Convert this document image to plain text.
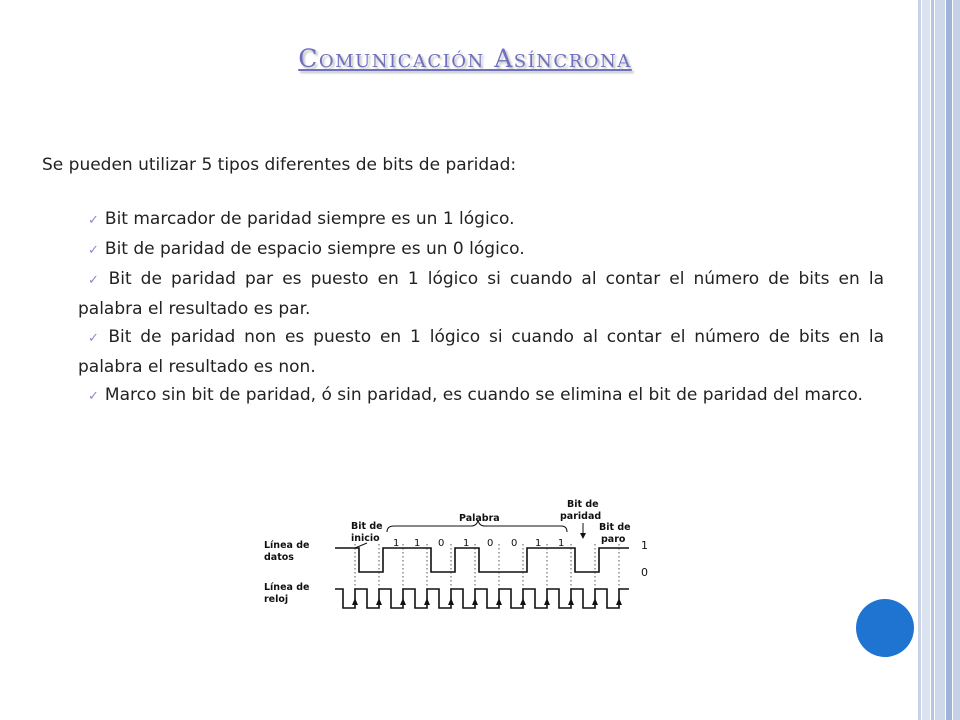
Comunicación Asíncrona
Se pueden utilizar 5 tipos diferentes de bits de paridad:
✓ Bit marcador de paridad siempre es un 1 lógico.
✓ Bit de paridad de espacio siempre es un 0 lógico.
✓ Bit de paridad par es puesto en 1 lógico si cuando al contar el número de bits en la palabra el resultado es par.
✓ Bit de paridad non es puesto en 1 lógico si cuando al contar el número de bits en la palabra el resultado es non.
✓ Marco sin bit de paridad, ó sin paridad, es cuando se elimina el bit de paridad del marco.
Línea de
datos
Línea de
reloj
Bit de
inicio
Palabra
Bit de
paridad
Bit de
paro 1
0
1 1 0 1 0 0 1 1
